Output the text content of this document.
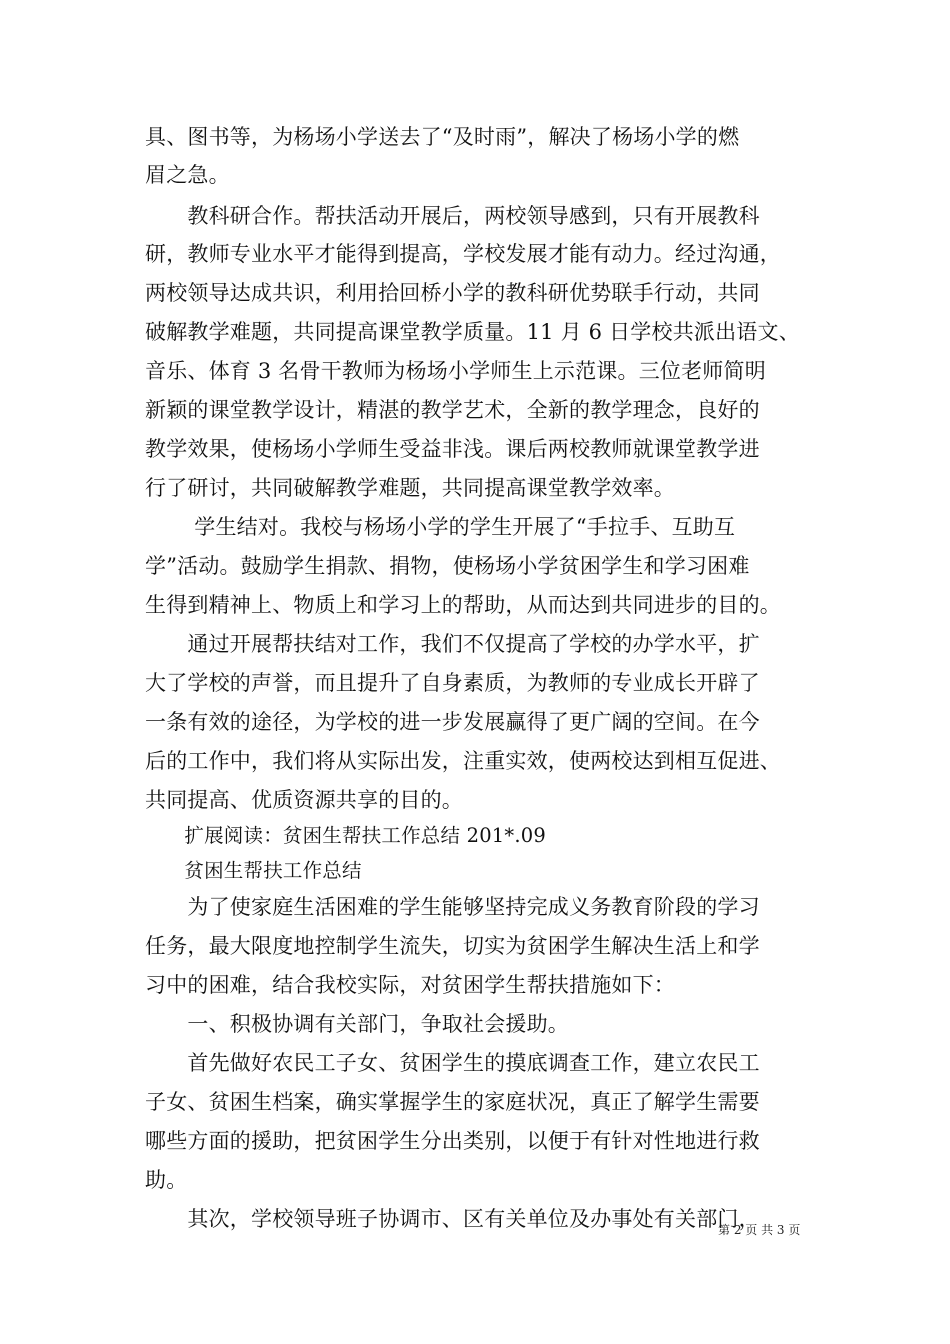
具、图书等，为杨场小学送去了“及时雨”，解决了杨场小学的燃
眉之急。
　　教科研合作。帮扶活动开展后，两校领导感到，只有开展教科
研，教师专业水平才能得到提高，学校发展才能有动力。经过沟通，
两校领导达成共识，利用拾回桥小学的教科研优势联手行动，共同
破解教学难题，共同提高课堂教学质量。11 月 6 日学校共派出语文、
音乐、体育 3 名骨干教师为杨场小学师生上示范课。三位老师简明
新颖的课堂教学设计，精湛的教学艺术，全新的教学理念，良好的
教学效果，使杨场小学师生受益非浅。课后两校教师就课堂教学进
行了研讨，共同破解教学难题，共同提高课堂教学效率。
　　 学生结对。我校与杨场小学的学生开展了“手拉手、互助互
学”活动。鼓励学生捐款、捐物，使杨场小学贫困学生和学习困难
生得到精神上、物质上和学习上的帮助，从而达到共同进步的目的。
　　通过开展帮扶结对工作，我们不仅提高了学校的办学水平，扩
大了学校的声誉，而且提升了自身素质，为教师的专业成长开辟了
一条有效的途径，为学校的进一步发展赢得了更广阔的空间。在今
后的工作中，我们将从实际出发，注重实效，使两校达到相互促进、
共同提高、优质资源共享的目的。
　　扩展阅读：贫困生帮扶工作总结 201*.09
　　贫困生帮扶工作总结
　　为了使家庭生活困难的学生能够坚持完成义务教育阶段的学习
任务，最大限度地控制学生流失，切实为贫困学生解决生活上和学
习中的困难，结合我校实际，对贫困学生帮扶措施如下：
　　一、积极协调有关部门，争取社会援助。
　　首先做好农民工子女、贫困学生的摸底调查工作，建立农民工
子女、贫困生档案，确实掌握学生的家庭状况，真正了解学生需要
哪些方面的援助，把贫困学生分出类别，以便于有针对性地进行救
助。
　　其次，学校领导班子协调市、区有关单位及办事处有关部门，
第 2 页 共 3 页
